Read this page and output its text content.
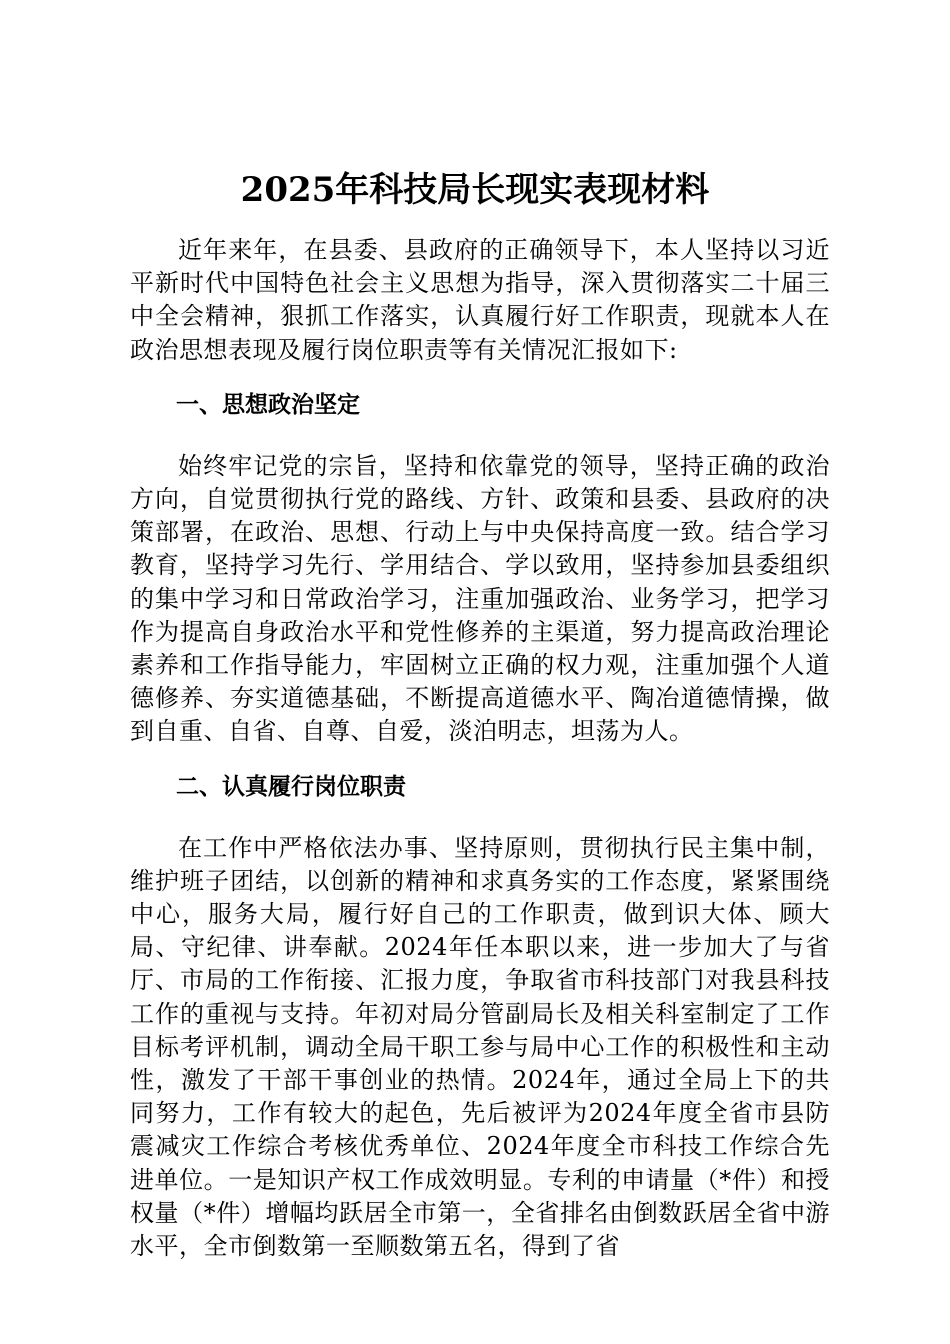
2025年科技局长现实表现材料

近年来年，在县委、县政府的正确领导下，本人坚持以习近平新时代中国特色社会主义思想为指导，深入贯彻落实二十届三中全会精神，狠抓工作落实，认真履行好工作职责，现就本人在政治思想表现及履行岗位职责等有关情况汇报如下:

一、思想政治坚定

始终牢记党的宗旨，坚持和依靠党的领导，坚持正确的政治方向，自觉贯彻执行党的路线、方针、政策和县委、县政府的决策部署，在政治、思想、行动上与中央保持高度一致。结合学习教育，坚持学习先行、学用结合、学以致用，坚持参加县委组织的集中学习和日常政治学习，注重加强政治、业务学习，把学习作为提高自身政治水平和党性修养的主渠道，努力提高政治理论素养和工作指导能力，牢固树立正确的权力观，注重加强个人道德修养、夯实道德基础，不断提高道德水平、陶冶道德情操，做到自重、自省、自尊、自爱，淡泊明志，坦荡为人。

二、认真履行岗位职责

在工作中严格依法办事、坚持原则，贯彻执行民主集中制，维护班子团结，以创新的精神和求真务实的工作态度，紧紧围绕中心，服务大局，履行好自己的工作职责，做到识大体、顾大局、守纪律、讲奉献。2024年任本职以来，进一步加大了与省厅、市局的工作衔接、汇报力度，争取省市科技部门对我县科技工作的重视与支持。年初对局分管副局长及相关科室制定了工作目标考评机制，调动全局干职工参与局中心工作的积极性和主动性，激发了干部干事创业的热情。2024年，通过全局上下的共同努力，工作有较大的起色，先后被评为2024年度全省市县防震减灾工作综合考核优秀单位、2024年度全市科技工作综合先进单位。一是知识产权工作成效明显。专利的申请量（*件）和授权量（*件）增幅均跃居全市第一，全省排名由倒数跃居全省中游水平，全市倒数第一至顺数第五名，得到了省
